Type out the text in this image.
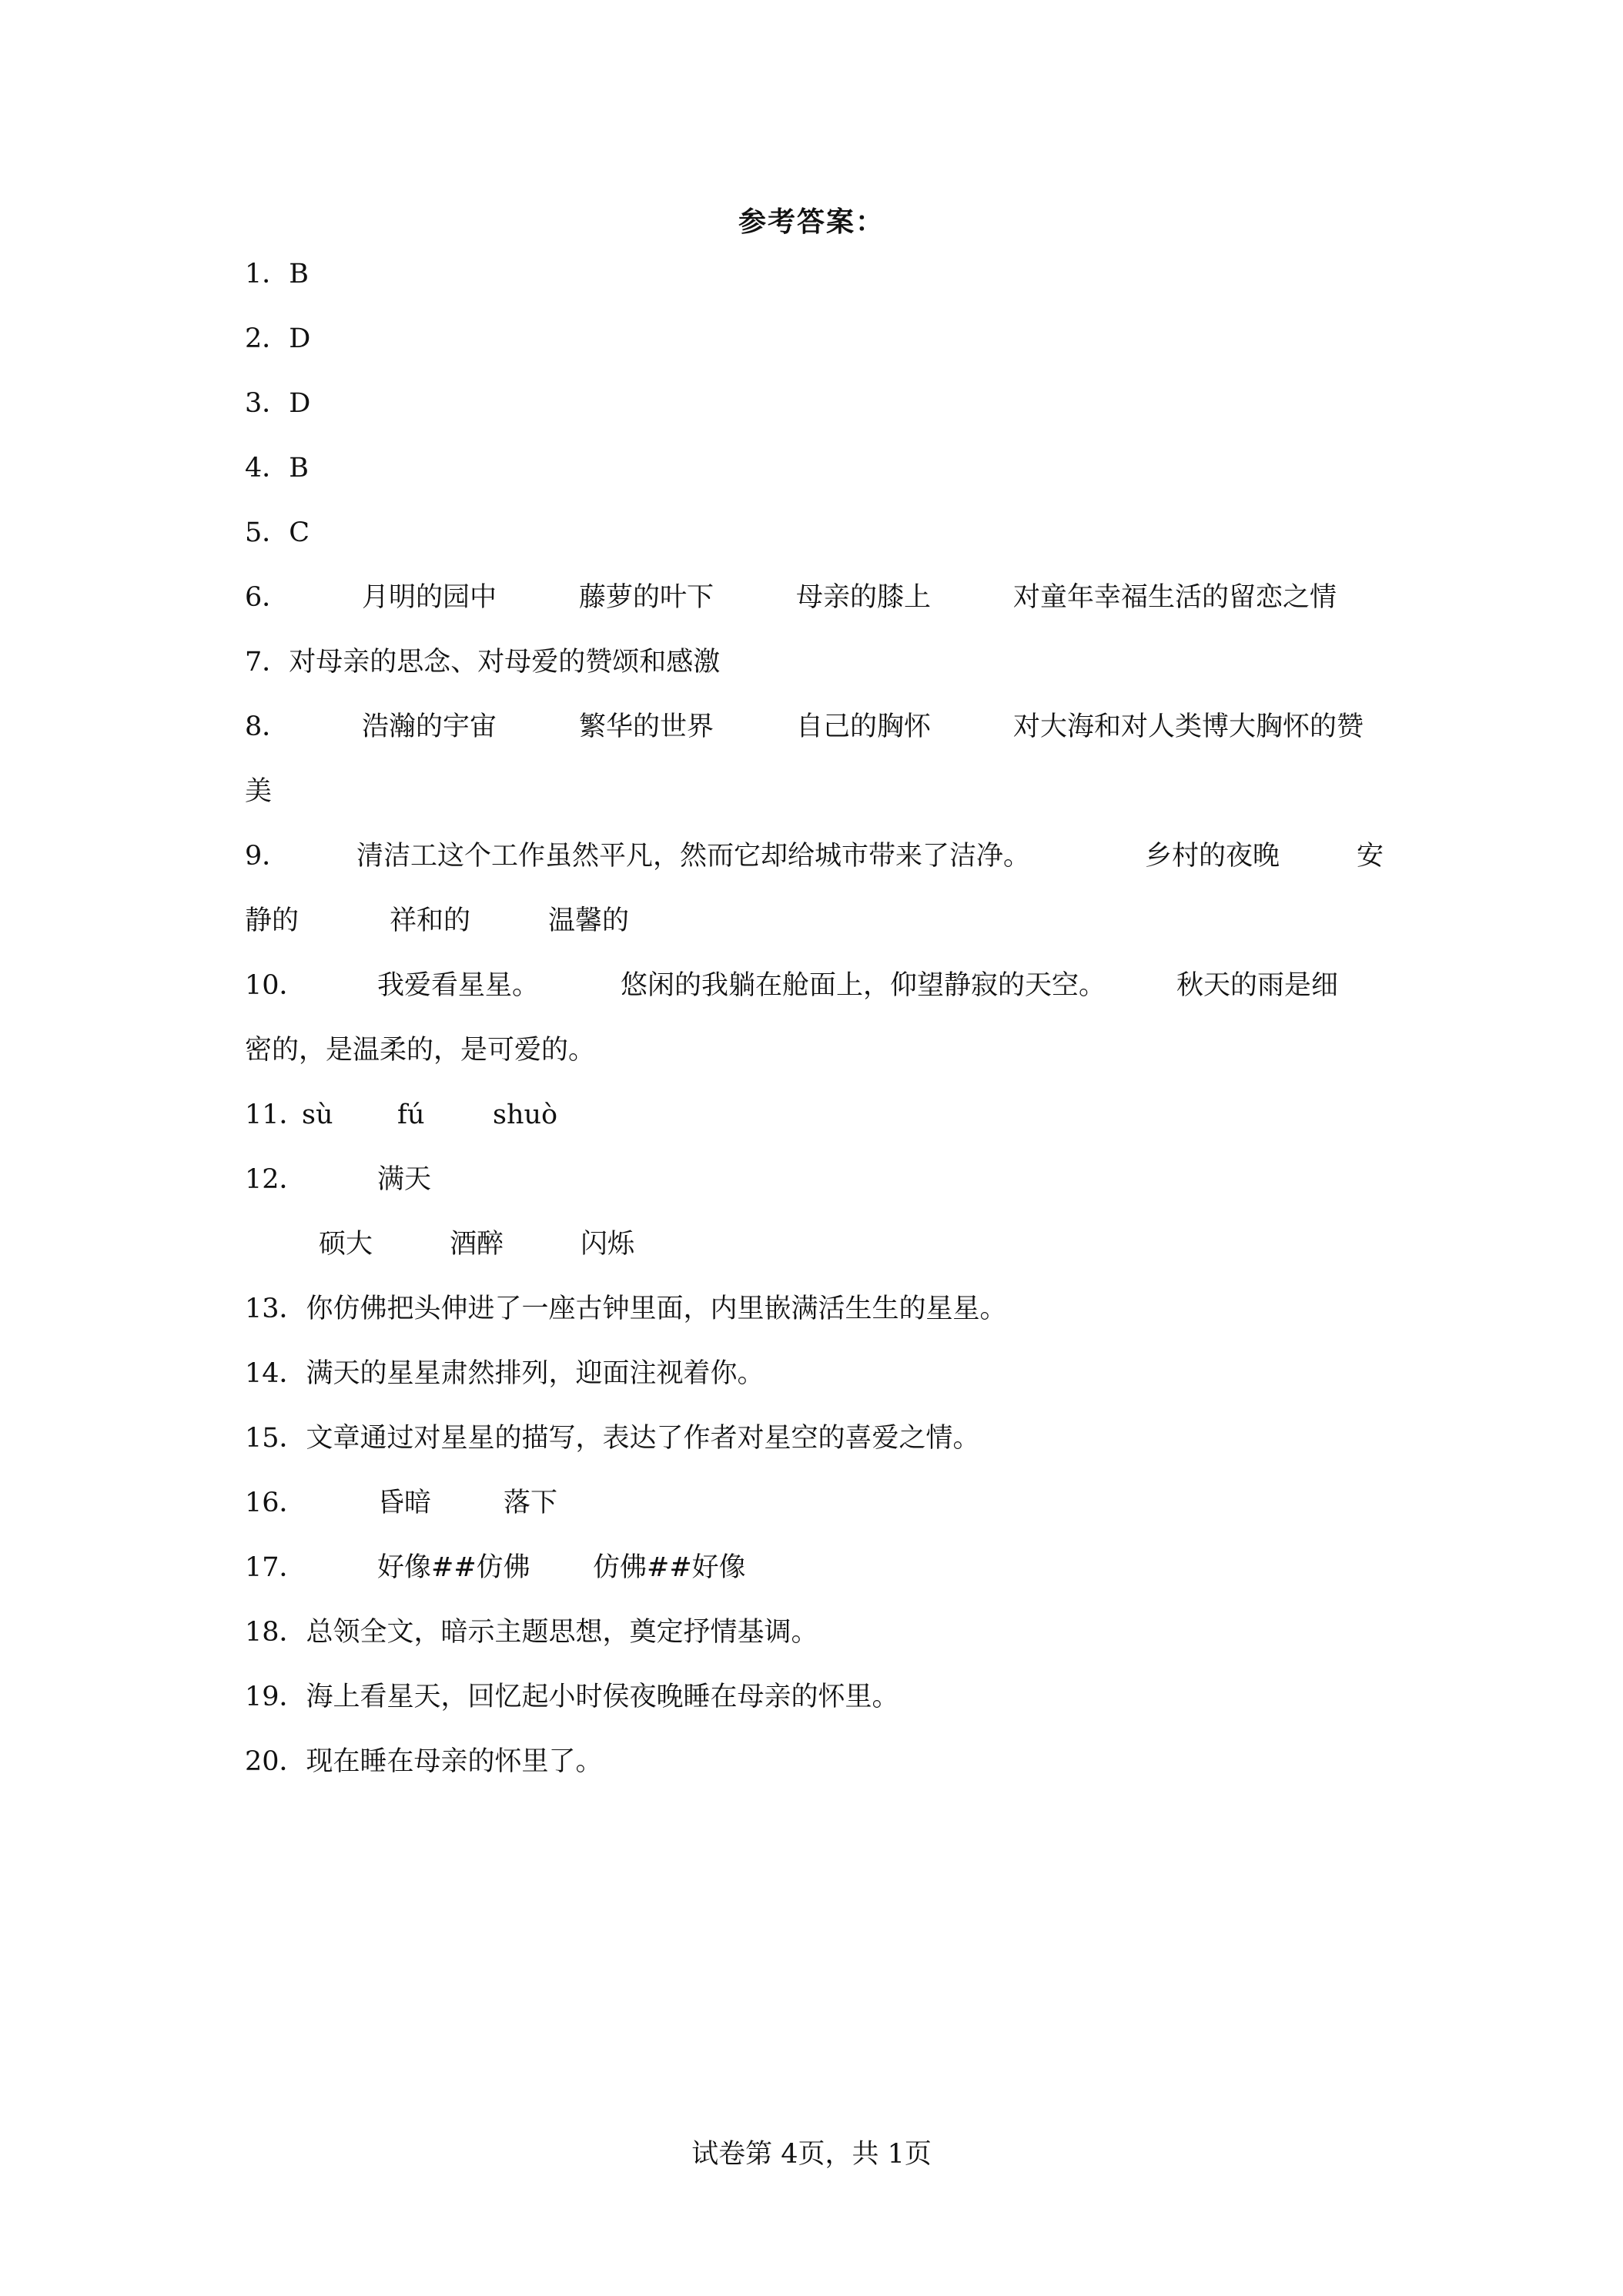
参考答案：
1．B
2．D
3．D
4．B
5．C
6．	月明的园中	藤萝的叶下	母亲的膝上	对童年幸福生活的留恋之情
7．对母亲的思念、对母爱的赞颂和感激
8．	浩瀚的宇宙	繁华的世界	自己的胸怀	对大海和对人类博大胸怀的赞
美
9．	清洁工这个工作虽然平凡，然而它却给城市带来了洁净。	乡村的夜晚	安
静的	祥和的	温馨的
10．	我爱看星星。	悠闲的我躺在舱面上，仰望静寂的天空。	秋天的雨是细
密的，是温柔的，是可爱的。
11．sù fú	shuò
12．	满天
硕大	酒醉	闪烁
13．你仿佛把头伸进了一座古钟里面，内里嵌满活生生的星星。
14．满天的星星肃然排列，迎面注视着你。
15．文章通过对星星的描写，表达了作者对星空的喜爱之情。
16．	昏暗	落下
17．	好像##仿佛 仿佛##好像
18．总领全文，暗示主题思想，奠定抒情基调。
19．海上看星天，回忆起小时侯夜晚睡在母亲的怀里。
20．现在睡在母亲的怀里了。
试卷第 4页，共 1页
